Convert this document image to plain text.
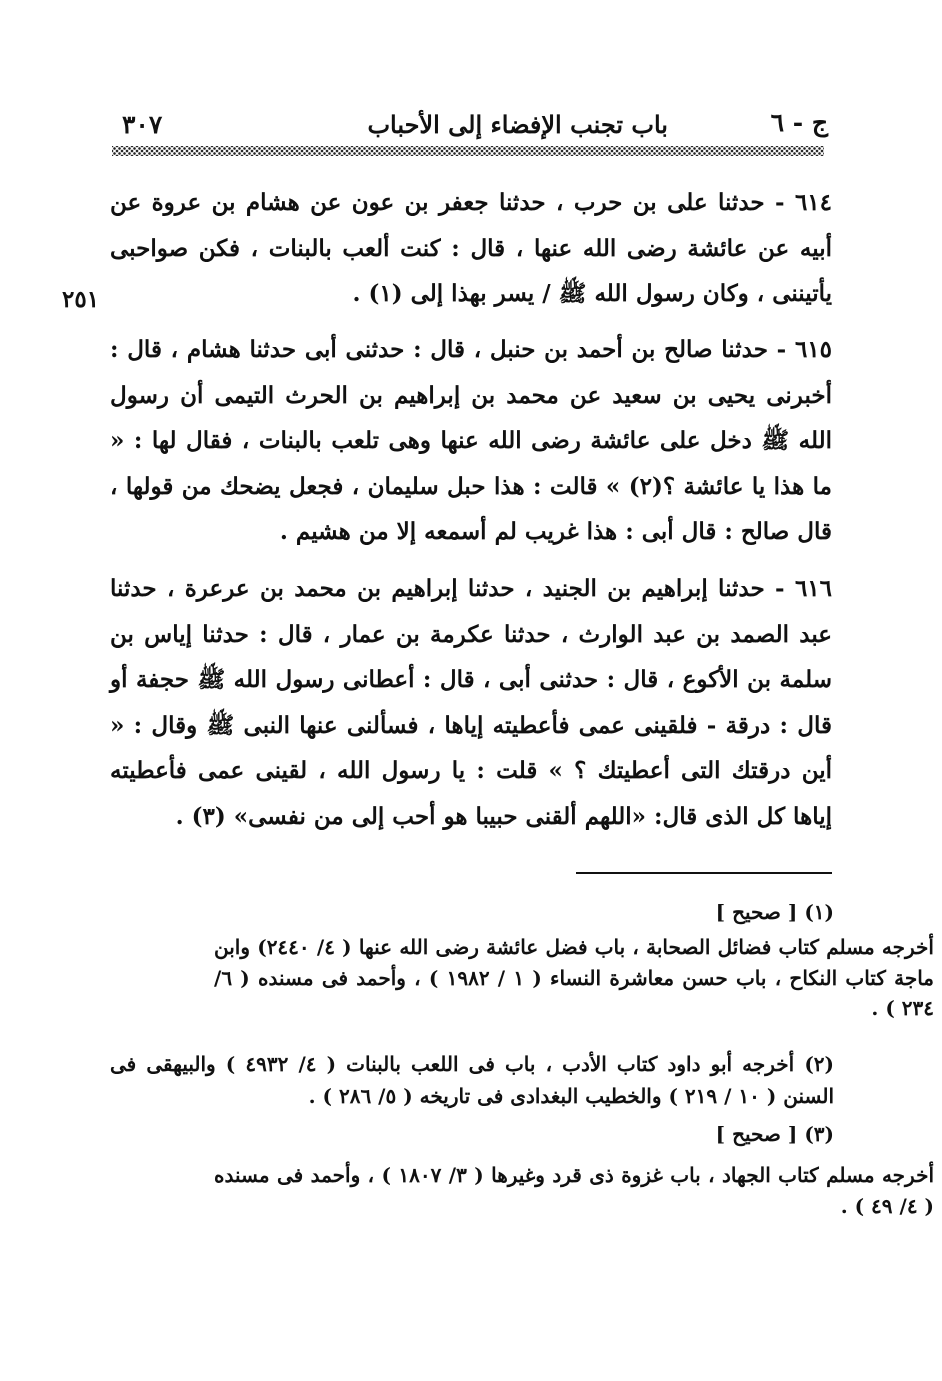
ج - ٦
باب تجنب الإفضاء إلى الأحباب
٣٠٧
٢٥١
٦١٤ - حدثنا على بن حرب ، حدثنا جعفر بن عون عن هشام بن عروة عن أبيه عن عائشة رضى الله عنها ، قال : كنت ألعب بالبنات ، فكن صواحبى يأتيننى ، وكان رسول الله ﷺ / يسر بهذا إلى (١) .
٦١٥ - حدثنا صالح بن أحمد بن حنبل ، قال : حدثنى أبى حدثنا هشام ، قال : أخبرنى يحيى بن سعيد عن محمد بن إبراهيم بن الحرث التيمى أن رسول الله ﷺ دخل على عائشة رضى الله عنها وهى تلعب بالبنات ، فقال لها : « ما هذا يا عائشة ؟(٢) » قالت : هذا حبل سليمان ، فجعل يضحك من قولها ، قال صالح : قال أبى : هذا غريب لم أسمعه إلا من هشيم .
٦١٦ - حدثنا إبراهيم بن الجنيد ، حدثنا إبراهيم بن محمد بن عرعرة ، حدثنا عبد الصمد بن عبد الوارث ، حدثنا عكرمة بن عمار ، قال : حدثنا إياس بن سلمة بن الأكوع ، قال : حدثنى أبى ، قال : أعطانى رسول الله ﷺ حجفة أو قال : درقة - فلقينى عمى فأعطيته إياها ، فسألنى عنها النبى ﷺ وقال : « أين درقتك التى أعطيتك ؟ » قلت : يا رسول الله ، لقينى عمى فأعطيته إياها كل الذى قال: «اللهم ألقنى حبيبا هو أحب إلى من نفسى» (٣) .
(١) [ صحيح ]
أخرجه مسلم كتاب فضائل الصحابة ، باب فضل عائشة رضى الله عنها ( ٤/ ٢٤٤٠) وابن ماجة كتاب النكاح ، باب حسن معاشرة النساء ( ١ / ١٩٨٢ ) ، وأحمد فى مسنده ( ٦/ ٢٣٤ ) .
(٢) أخرجه أبو داود كتاب الأدب ، باب فى اللعب بالبنات ( ٤/ ٤٩٣٢ ) والبيهقى فى السنن ( ١٠ / ٢١٩ ) والخطيب البغدادى فى تاريخه ( ٥/ ٢٨٦ ) .
(٣) [ صحيح ]
أخرجه مسلم كتاب الجهاد ، باب غزوة ذى قرد وغيرها ( ٣/ ١٨٠٧ ) ، وأحمد فى مسنده ( ٤/ ٤٩ ) .
